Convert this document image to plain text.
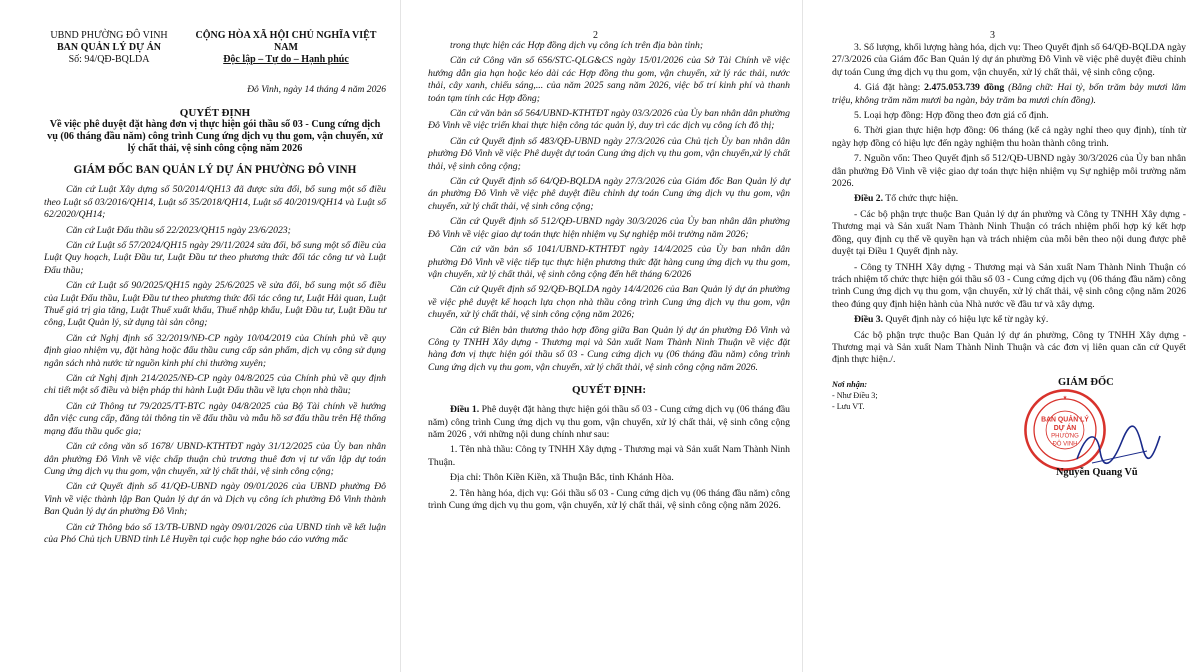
UBND PHƯỜNG ĐÔ VINH
BAN QUẢN LÝ DỰ ÁN
Số: 94/QĐ-BQLDA
CỘNG HÒA XÃ HỘI CHỦ NGHĨA VIỆT NAM
Độc lập – Tự do – Hạnh phúc
Đô Vinh, ngày 14 tháng 4 năm 2026
QUYẾT ĐỊNH
Về việc phê duyệt đặt hàng đơn vị thực hiện gói thầu số 03 - Cung cứng dịch vụ (06 tháng đầu năm) công trình Cung ứng dịch vụ thu gom, vận chuyển, xử lý chất thải, vệ sinh công cộng năm 2026
GIÁM ĐỐC BAN QUẢN LÝ DỰ ÁN PHƯỜNG ĐÔ VINH

Căn cứ Luật Xây dựng số 50/2014/QH13 đã được sửa đổi, bổ sung một số điều theo Luật số 03/2016/QH14, Luật số 35/2018/QH14, Luật số 40/2019/QH14 và Luật số 62/2020/QH14;

Căn cứ Luật Đấu thầu số 22/2023/QH15 ngày 23/6/2023;

Căn cứ Luật số 57/2024/QH15 ngày 29/11/2024 sửa đổi, bổ sung một số điều của Luật Quy hoạch, Luật Đầu tư, Luật Đầu tư theo phương thức đối tác công tư và Luật Đấu thầu;

Căn cứ Luật số 90/2025/QH15 ngày 25/6/2025 về sửa đổi, bổ sung một số điều của Luật Đấu thầu, Luật Đầu tư theo phương thức đối tác công tư, Luật Hải quan, Luật Thuế giá trị gia tăng, Luật Thuế xuất khẩu, Thuế nhập khẩu, Luật Đầu tư, Luật Đầu tư công, Luật Quản lý, sử dụng tài sản công;

Căn cứ Nghị định số 32/2019/NĐ-CP ngày 10/04/2019 của Chính phủ về quy định giao nhiệm vụ, đặt hàng hoặc đấu thầu cung cấp sản phẩm, dịch vụ công sử dụng ngân sách nhà nước từ nguồn kinh phí chi thường xuyên;

Căn cứ Nghị định 214/2025/NĐ-CP ngày 04/8/2025 của Chính phủ về quy định chi tiết một số điều và biện pháp thi hành Luật Đấu thầu về lựa chọn nhà thầu;

Căn cứ Thông tư 79/2025/TT-BTC ngày 04/8/2025 của Bộ Tài chính về hướng dẫn việc cung cấp, đăng tải thông tin về đấu thầu và mẫu hồ sơ đấu thầu trên Hệ thống mạng đấu thầu quốc gia;

Căn cứ công văn số 1678/ UBND-KTHTĐT ngày 31/12/2025 của Ủy ban nhân dân phường Đô Vinh về việc chấp thuận chủ trương thuê đơn vị tư vấn lập dự toán Cung ứng dịch vụ thu gom, vận chuyển, xử lý chất thải, vệ sinh công cộng;

Căn cứ Quyết định số 41/QĐ-UBND ngày 09/01/2026 của UBND phường Đô Vinh về việc thành lập Ban Quản lý dự án và Dịch vụ công ích phường Đô Vinh thành Ban Quản lý dự án phường Đô Vinh;

Căn cứ Thông báo số 13/TB-UBND ngày 09/01/2026 của UBND tỉnh về kết luận của Phó Chủ tịch UBND tỉnh Lê Huyền tại cuộc họp nghe báo cáo vướng mắc

2

trong thực hiện các Hợp đồng dịch vụ công ích trên địa bàn tỉnh;

Căn cứ Công văn số 656/STC-QLG&CS ngày 15/01/2026 của Sở Tài Chính về việc hướng dẫn gia hạn hoặc kéo dài các Hợp đồng thu gom, vận chuyển, xử lý rác thải, nước thải, cây xanh, chiếu sáng,... của năm 2025 sang năm 2026, việc bố trí kinh phí và thanh toán tạm tính các Hợp đồng;

Căn cứ văn bản số 564/UBND-KTHTĐT ngày 03/3/2026 của Ủy ban nhân dân phường Đô Vinh về việc triển khai thực hiện công tác quản lý, duy trì các dịch vụ công ích đô thị;

Căn cứ Quyết định số 483/QĐ-UBND ngày 27/3/2026 của Chủ tịch Ủy ban nhân dân phường Đô Vinh về việc Phê duyệt dự toán Cung ứng dịch vụ thu gom, vận chuyển,xử lý chất thải, vệ sinh công cộng;

Căn cứ Quyết định số 64/QĐ-BQLDA ngày 27/3/2026 của Giám đốc Ban Quản lý dự án phường Đô Vinh về việc phê duyệt điều chỉnh dự toán Cung ứng dịch vụ thu gom, vận chuyển, xử lý chất thải, vệ sinh công cộng;

Căn cứ Quyết định số 512/QĐ-UBND ngày 30/3/2026 của Ủy ban nhân dân phường Đô Vinh về việc giao dự toán thực hiện nhiệm vụ Sự nghiệp môi trường năm 2026;

Căn cứ văn bản số 1041/UBND-KTHTĐT ngày 14/4/2025 của Ủy ban nhân dân phường Đô Vinh về việc tiếp tục thực hiện phương thức đặt hàng cung ứng dịch vụ thu gom, vận chuyển, xử lý chất thải, vệ sinh công cộng đến hết tháng 6/2026

Căn cứ Quyết định số 92/QĐ-BQLDA ngày 14/4/2026 của Ban Quản lý dự án phường về việc phê duyệt kế hoạch lựa chọn nhà thầu công trình Cung ứng dịch vụ thu gom, vận chuyển, xử lý chất thải, vệ sinh công cộng năm 2026;

Căn cứ Biên bản thương thảo hợp đồng giữa Ban Quản lý dự án phường Đô Vinh và Công ty TNHH Xây dựng - Thương mại và Sản xuất Nam Thành Ninh Thuận về việc đặt hàng đơn vị thực hiện gói thầu số 03 - Cung cứng dịch vụ (06 tháng đầu năm) công trình Cung ứng dịch vụ thu gom, vận chuyển, xử lý chất thải, vệ sinh công cộng năm 2026.

QUYẾT ĐỊNH:

Điều 1. Phê duyệt đặt hàng thực hiện gói thầu số 03 - Cung cứng dịch vụ (06 tháng đầu năm) công trình Cung ứng dịch vụ thu gom, vận chuyển, xử lý chất thải, vệ sinh công cộng năm 2026 , với những nội dung chính như sau:

1. Tên nhà thầu: Công ty TNHH Xây dựng - Thương mại và Sản xuất Nam Thành Ninh Thuận.

Địa chỉ: Thôn Kiền Kiền, xã Thuận Bắc, tỉnh Khánh Hòa.

2. Tên hàng hóa, dịch vụ: Gói thầu số 03 - Cung cứng dịch vụ (06 tháng đầu năm) công trình Cung ứng dịch vụ thu gom, vận chuyển, xử lý chất thải, vệ sinh công cộng năm 2026.

3

3. Số lượng, khối lượng hàng hóa, dịch vụ: Theo Quyết định số 64/QĐ-BQLDA ngày 27/3/2026 của Giám đốc Ban Quản lý dự án phường Đô Vinh về việc phê duyệt điều chỉnh dự toán Cung ứng dịch vụ thu gom, vận chuyển, xử lý chất thải, vệ sinh công cộng.

4. Giá đặt hàng: 2.475.053.739 đồng (Bằng chữ: Hai tỷ, bốn trăm bảy mươi lăm triệu, không trăm năm mươi ba ngàn, bảy trăm ba mươi chín đồng).

5. Loại hợp đồng: Hợp đồng theo đơn giá cố định.

6. Thời gian thực hiện hợp đồng: 06 tháng (kể cả ngày nghỉ theo quy định), tính từ ngày hợp đồng có hiệu lực đến ngày nghiệm thu hoàn thành công trình.

7. Nguồn vốn: Theo Quyết định số 512/QĐ-UBND ngày 30/3/2026 của Ủy ban nhân dân phường Đô Vinh về việc giao dự toán thực hiện nhiệm vụ Sự nghiệp môi trường năm 2026.

Điều 2. Tổ chức thực hiện.

- Các bộ phận trực thuộc Ban Quản lý dự án phường và Công ty TNHH Xây dựng - Thương mại và Sản xuất Nam Thành Ninh Thuận có trách nhiệm phối hợp ký kết hợp đồng, quy định cụ thể về quyền hạn và trách nhiệm của mỗi bên theo nội dung được phê duyệt tại Điều 1 Quyết định này.

- Công ty TNHH Xây dựng - Thương mại và Sản xuất Nam Thành Ninh Thuận có trách nhiệm tổ chức thực hiện gói thầu số 03 - Cung cứng dịch vụ (06 tháng đầu năm) công trình Cung ứng dịch vụ thu gom, vận chuyển, xử lý chất thải, vệ sinh công cộng năm 2026 theo đúng quy định hiện hành của Nhà nước về đầu tư và xây dựng.

Điều 3. Quyết định này có hiệu lực kể từ ngày ký.

Các bộ phận trực thuộc Ban Quản lý dự án phường, Công ty TNHH Xây dựng - Thương mại và Sản xuất Nam Thành Ninh Thuận và các đơn vị liên quan căn cứ Quyết định thực hiện./.

Nơi nhận:
- Như Điều 3;
- Lưu VT.
BAN QUẢN LÝ
DỰ ÁN
PHƯỜNG
ĐÔ VINH
★
GIÁM ĐỐC
Nguyễn Quang Vũ
